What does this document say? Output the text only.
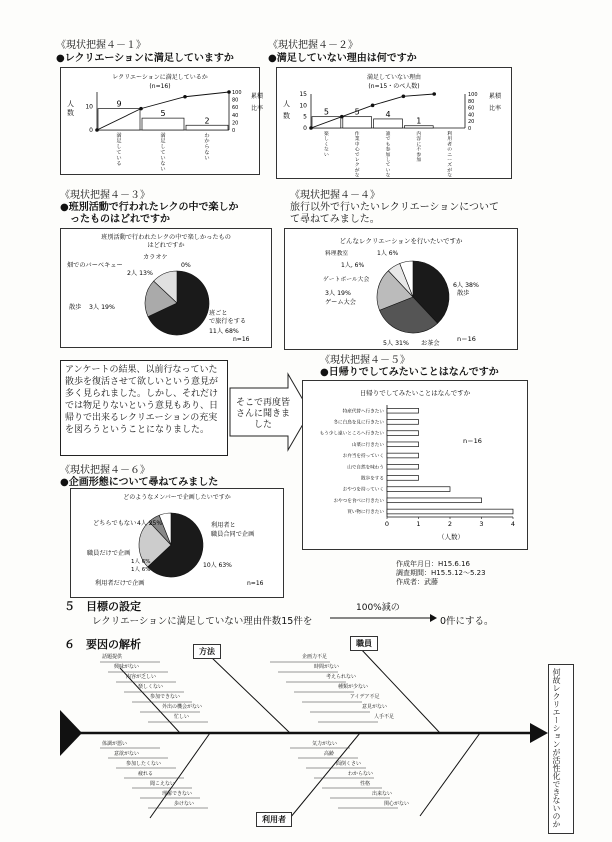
《現状把握４－１》
●レクリエーションに満足していますか
レクリエーションに満足しているか
(n=16)
人
数
10
0
100
80
60
40
20
0
累積
比率
9
満
足
し
て
い
る
5
満
足
し
て
い
な
い
2
わ
か
ら
な
い
《現状把握４－２》
●満足していない理由は何ですか
満足していない理由
(n=15・のべ人数)
人
数
15
10
5
0
100
80
60
40
20
0
累積
比率
5
楽
し
く
な
い
5
作
業
中
心
で
レ
ク
が
な
4
誰
で
も
参
加
し
て
い
な
1
内
容
に
不
参
加
利
用
者
の
ニ
ー
ズ
が
な
《現状把握４－３》
●班別活動で行われたレクの中で楽しか
ったものはどれですか
班別活動で行われたレクの中で楽しかったもの
はどれですか
班ごと
で旅行をする
11人 68%
散歩 3人 19%
畑でのバーベキュー
2人 13%
カラオケ
0%
n=16
《現状把握４－４》
旅行以外で行いたいレクリエーションについて
て尋ねてみました。
どんなレクリエーションを行いたいですか
6人 38%
散歩
5人 31% お茶会
3人 19%
ゲーム大会
ゲートボール大会
1人, 6%
料理教室	1人 6%
n＝16
アンケートの結果、以前行なっていた散歩を復活させて欲しいという意見が多く見られました。しかし、それだけでは物足りないという意見もあり、日帰りで出来るレクリエーションの充実を図ろうということになりました。
そこで再度皆さんに聞きました
《現状把握４－５》
●日帰りでしてみたいことはなんですか
日帰りでしてみたいことはなんですか
0	1	2	3	4
特産代替へ行きたい
冬に白鳥を見に行きたい
もう少し遠いところへ行きたい
山菜に行きたい
お弁当を持っていく
山で自然を味わう
散歩をする
おやつを持っていく
おやつを食べに行きたい
買い物に行きたい
n＝16
（人数）
《現状把握４－６》
●企画形態について尋ねてみました
どのようなメンバーで企画したいですか
利用者と
職員合同で企画
10人 63%
どちらでもない 4人 25%
職員だけで企画
1人 6%
1人 6%
利用者だけで企画	n=16
作成年月日：H15.6.16
調査期間：H15.5.12～5.23
作成者：武藤
５　目標の設定
レクリエーションに満足していない理由件数15件を
100%減の
0件にする。
６　要因の解析
方法
職員
利用者	何故レクリエーションが活性化できないのか
話題提供
興味がない
内容が乏しい
楽しくない
参加できない
外出の機会がない
忙しい
企画力不足
時間がない
考えられない
種類が少ない
アイデア不足
意見がない
人手不足
体調が悪い
意欲がない
参加したくない
疲れる
聞こえない
理解できない
歩けない
気力がない
高齢
面倒くさい
わからない
性格
出来ない
関心がない
